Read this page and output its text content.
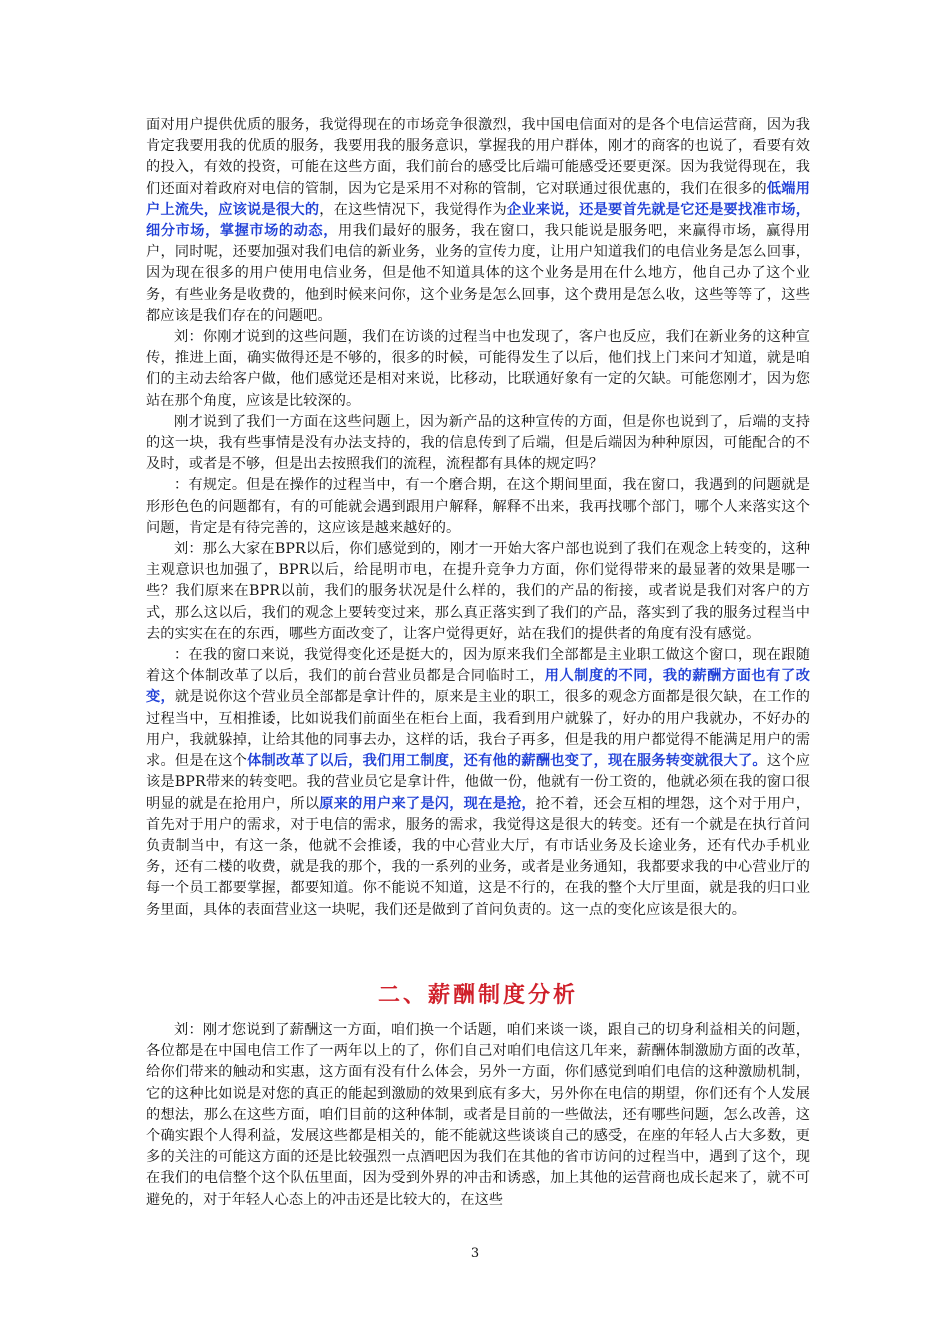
面对用户提供优质的服务，我觉得现在的市场竞争很激烈，我中国电信面对的是各个电信运营商，因为我肯定我要用我的优质的服务，我要用我的服务意识，掌握我的用户群体，刚才的商客的也说了，看要有效的投入，有效的投资，可能在这些方面，我们前台的感受比后端可能感受还要更深。因为我觉得现在，我们还面对着政府对电信的管制，因为它是采用不对称的管制，它对联通过很优惠的，我们在很多的低端用户上流失，应该说是很大的，在这些情况下，我觉得作为企业来说，还是要首先就是它还是要找准市场，细分市场，掌握市场的动态，用我们最好的服务，我在窗口，我只能说是服务吧，来赢得市场，赢得用户，同时呢，还要加强对我们电信的新业务，业务的宣传力度，让用户知道我们的电信业务是怎么回事，因为现在很多的用户使用电信业务，但是他不知道具体的这个业务是用在什么地方，他自己办了这个业务，有些业务是收费的，他到时候来问你，这个业务是怎么回事，这个费用是怎么收，这些等等了，这些都应该是我们存在的问题吧。

刘：你刚才说到的这些问题，我们在访谈的过程当中也发现了，客户也反应，我们在新业务的这种宣传，推进上面，确实做得还是不够的，很多的时候，可能得发生了以后，他们找上门来问才知道，就是咱们的主动去给客户做，他们感觉还是相对来说，比移动，比联通好象有一定的欠缺。可能您刚才，因为您站在那个角度，应该是比较深的。

刚才说到了我们一方面在这些问题上，因为新产品的这种宣传的方面，但是你也说到了，后端的支持的这一块，我有些事情是没有办法支持的，我的信息传到了后端，但是后端因为种种原因，可能配合的不及时，或者是不够，但是出去按照我们的流程，流程都有具体的规定吗？

：有规定。但是在操作的过程当中，有一个磨合期，在这个期间里面，我在窗口，我遇到的问题就是形形色色的问题都有，有的可能就会遇到跟用户解释，解释不出来，我再找哪个部门，哪个人来落实这个问题，肯定是有待完善的，这应该是越来越好的。

刘：那么大家在BPR以后，你们感觉到的，刚才一开始大客户部也说到了我们在观念上转变的，这种主观意识也加强了，BPR以后，给昆明市电，在提升竞争力方面，你们觉得带来的最显著的效果是哪一些？我们原来在BPR以前，我们的服务状况是什么样的，我们的产品的衔接，或者说是我们对客户的方式，那么这以后，我们的观念上要转变过来，那么真正落实到了我们的产品，落实到了我的服务过程当中去的实实在在的东西，哪些方面改变了，让客户觉得更好，站在我们的提供者的角度有没有感觉。

：在我的窗口来说，我觉得变化还是挺大的，因为原来我们全部都是主业职工做这个窗口，现在跟随着这个体制改革了以后，我们的前台营业员都是合同临时工，用人制度的不同，我的薪酬方面也有了改变，就是说你这个营业员全部都是拿计件的，原来是主业的职工，很多的观念方面都是很欠缺，在工作的过程当中，互相推诿，比如说我们前面坐在柜台上面，我看到用户就躲了，好办的用户我就办，不好办的用户，我就躲掉，让给其他的同事去办，这样的话，我台子再多，但是我的用户都觉得不能满足用户的需求。但是在这个体制改革了以后，我们用工制度，还有他的薪酬也变了，现在服务转变就很大了。这个应该是BPR带来的转变吧。我的营业员它是拿计件，他做一份，他就有一份工资的，他就必须在我的窗口很明显的就是在抢用户，所以原来的用户来了是闪，现在是抢，抢不着，还会互相的埋怨，这个对于用户，首先对于用户的需求，对于电信的需求，服务的需求，我觉得这是很大的转变。还有一个就是在执行首问负责制当中，有这一条，他就不会推诿，我的中心营业大厅，有市话业务及长途业务，还有代办手机业务，还有二楼的收费，就是我的那个，我的一系列的业务，或者是业务通知，我都要求我的中心营业厅的每一个员工都要掌握，都要知道。你不能说不知道，这是不行的，在我的整个大厅里面，就是我的归口业务里面，具体的表面营业这一块呢，我们还是做到了首问负责的。这一点的变化应该是很大的。

二、薪酬制度分析

刘：刚才您说到了薪酬这一方面，咱们换一个话题，咱们来谈一谈，跟自己的切身利益相关的问题，各位都是在中国电信工作了一两年以上的了，你们自己对咱们电信这几年来，薪酬体制激励方面的改革，给你们带来的触动和实惠，这方面有没有什么体会，另外一方面，你们感觉到咱们电信的这种激励机制，它的这种比如说是对您的真正的能起到激励的效果到底有多大，另外你在电信的期望，你们还有个人发展的想法，那么在这些方面，咱们目前的这种体制，或者是目前的一些做法，还有哪些问题，怎么改善，这个确实跟个人得利益，发展这些都是相关的，能不能就这些谈谈自己的感受，在座的年轻人占大多数，更多的关注的可能这方面的还是比较强烈一点酒吧因为我们在其他的省市访问的过程当中，遇到了这个，现在我们的电信整个这个队伍里面，因为受到外界的冲击和诱惑，加上其他的运营商也成长起来了，就不可避免的，对于年轻人心态上的冲击还是比较大的，在这些

3
